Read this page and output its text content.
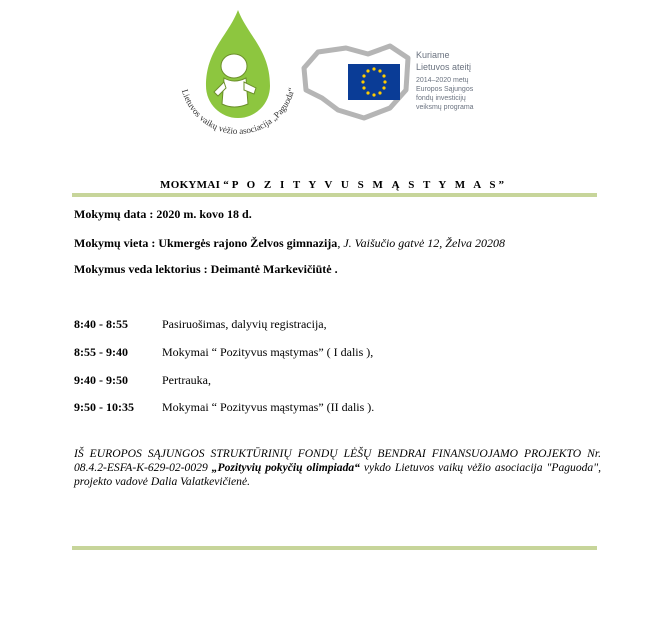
Lietuvos vaikų vėžio asociacija „Paguoda“
Kuriame
Lietuvos ateitį
2014–2020 metų
Europos Sąjungos
fondų investicijų
veiksmų programa
MOKYMAI “P O Z I T Y V U S M Ą S T Y M A S”
Mokymų data : 2020 m. kovo 18 d.
Mokymų vieta : Ukmergės rajono Želvos gimnazija, J. Vaišučio gatvė 12, Želva 20208
Mokymus veda lektorius : Deimantė Markevičiūtė .
8:40 - 8:55	Pasiruošimas, dalyvių registracija,
8:55 - 9:40	Mokymai “ Pozityvus mąstymas” ( I dalis ),
9:40 - 9:50	Pertrauka,
9:50 - 10:35 Mokymai “ Pozityvus mąstymas” (II dalis ).
IŠ EUROPOS SĄJUNGOS STRUKTŪRINIŲ FONDŲ LĖŠŲ BENDRAI FINANSUOJAMO PROJEKTO Nr. 08.4.2-ESFA-K-629-02-0029 „Pozityvių pokyčių olimpiada“ vykdo Lietuvos vaikų vėžio asociacija "Paguoda", projekto vadovė Dalia Valatkevičienė.
